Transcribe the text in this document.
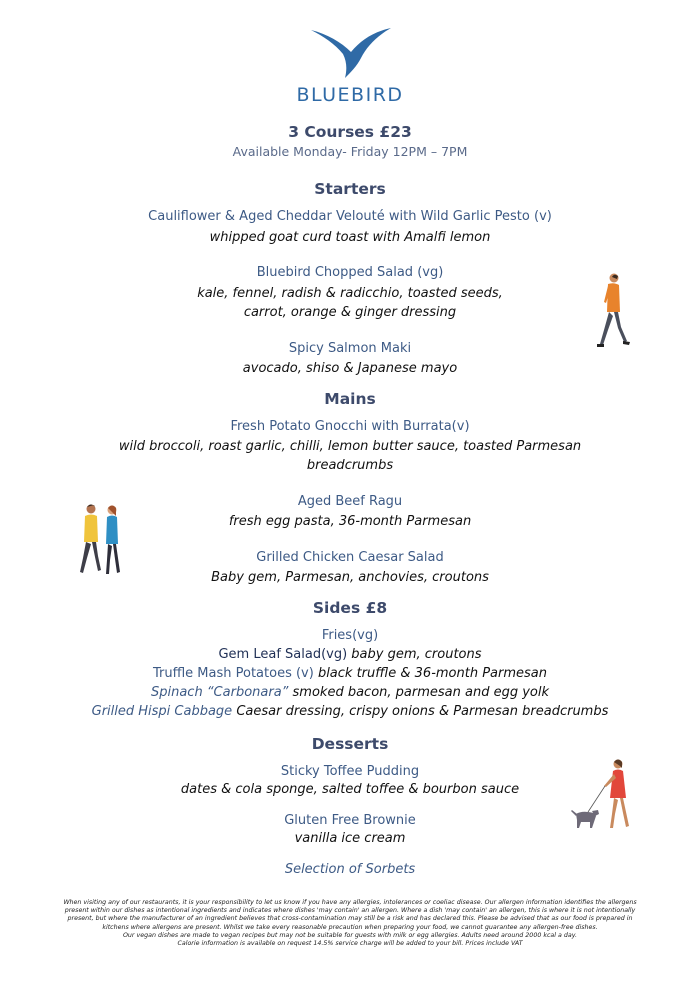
BLUEBIRD
3 Courses £23
Available Monday- Friday 12PM – 7PM
Starters
Cauliflower & Aged Cheddar Velouté with Wild Garlic Pesto (v)
whipped goat curd toast with Amalfi lemon
Bluebird Chopped Salad (vg)
kale, fennel, radish & radicchio, toasted seeds,
carrot, orange & ginger dressing
Spicy Salmon Maki
avocado, shiso & Japanese mayo
Mains
Fresh Potato Gnocchi with Burrata(v)
wild broccoli, roast garlic, chilli, lemon butter sauce, toasted Parmesan
breadcrumbs
Aged Beef Ragu
fresh egg pasta, 36-month Parmesan
Grilled Chicken Caesar Salad
Baby gem, Parmesan, anchovies, croutons
Sides £8
Fries(vg)
Gem Leaf Salad(vg) baby gem, croutons
Truffle Mash Potatoes (v) black truffle & 36-month Parmesan
Spinach “Carbonara” smoked bacon, parmesan and egg yolk
Grilled Hispi Cabbage Caesar dressing, crispy onions & Parmesan breadcrumbs
Desserts
Sticky Toffee Pudding
dates & cola sponge, salted toffee & bourbon sauce
Gluten Free Brownie
vanilla ice cream
Selection of Sorbets
When visiting any of our restaurants, it is your responsibility to let us know if you have any allergies, intolerances or coeliac disease. Our allergen information identifies the allergens
present within our dishes as intentional ingredients and indicates where dishes 'may contain' an allergen. Where a dish 'may contain' an allergen, this is where it is not intentionally
present, but where the manufacturer of an ingredient believes that cross-contamination may still be a risk and has declared this. Please be advised that as our food is prepared in
kitchens where allergens are present. Whilst we take every reasonable precaution when preparing your food, we cannot guarantee any allergen-free dishes.
Our vegan dishes are made to vegan recipes but may not be suitable for guests with milk or egg allergies. Adults need around 2000 kcal a day.
Calorie information is available on request 14.5% service charge will be added to your bill. Prices include VAT
